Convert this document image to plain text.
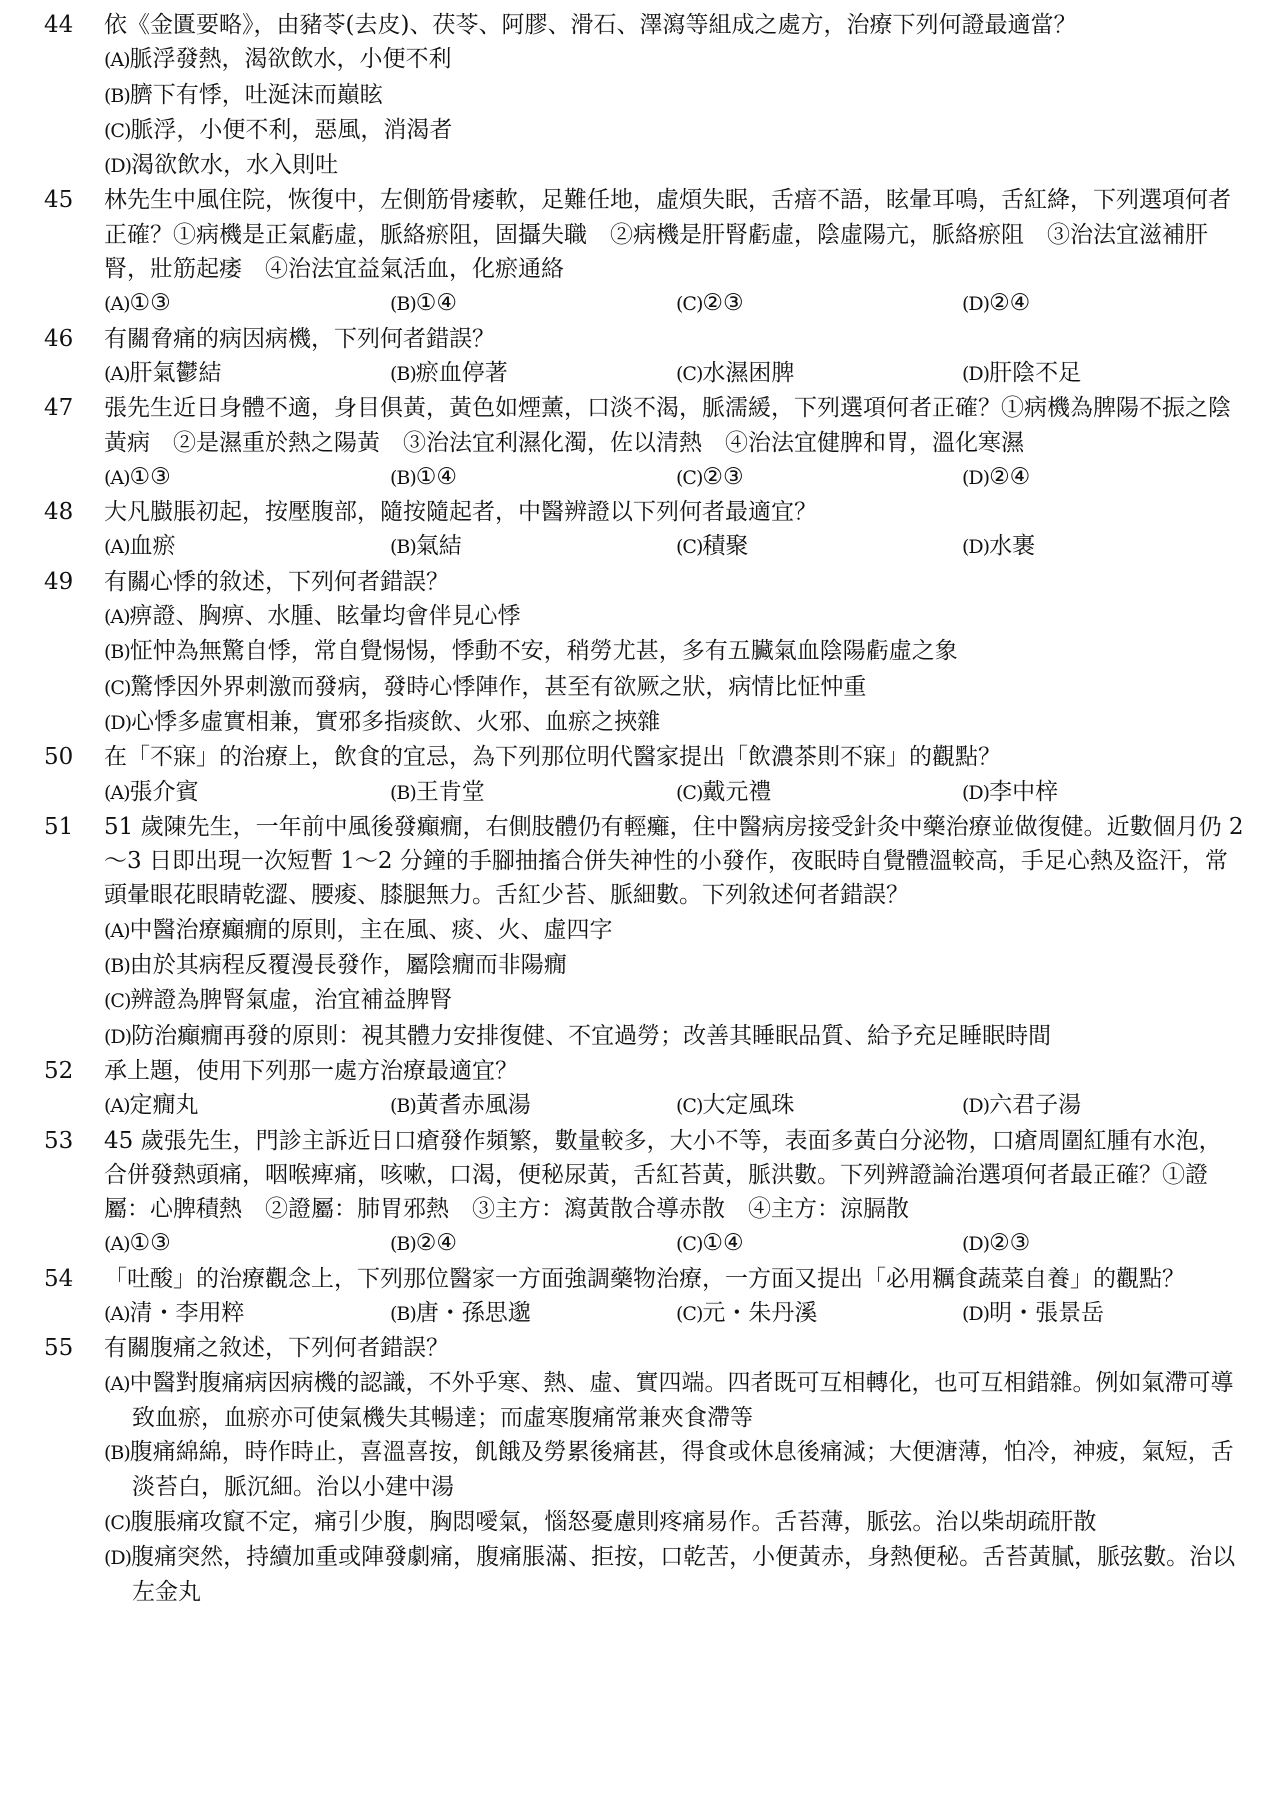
44	依《金匱要略》，由豬苓(去皮)、茯苓、阿膠、滑石、澤瀉等組成之處方，治療下列何證最適當？
(A)脈浮發熱，渴欲飲水，小便不利
(B)臍下有悸，吐涎沫而巔眩
(C)脈浮，小便不利，惡風，消渴者
(D)渴欲飲水，水入則吐
45	林先生中風住院，恢復中，左側筋骨痿軟，足難任地，虛煩失眠，舌瘖不語，眩暈耳鳴，舌紅絳，下列選項何者正確？①病機是正氣虧虛，脈絡瘀阻，固攝失職　②病機是肝腎虧虛，陰虛陽亢，脈絡瘀阻　③治法宜滋補肝腎，壯筋起痿　④治法宜益氣活血，化瘀通絡
(A)①③	(B)①④	(C)②③	(D)②④
46	有關脅痛的病因病機，下列何者錯誤？
(A)肝氣鬱結	(B)瘀血停著	(C)水濕困脾	(D)肝陰不足
47	張先生近日身體不適，身目俱黃，黃色如煙薰，口淡不渴，脈濡緩，下列選項何者正確？①病機為脾陽不振之陰黃病　②是濕重於熱之陽黃　③治法宜利濕化濁，佐以清熱　④治法宜健脾和胃，溫化寒濕
(A)①③	(B)①④	(C)②③	(D)②④
48	大凡臌脹初起，按壓腹部，隨按隨起者，中醫辨證以下列何者最適宜？
(A)血瘀	(B)氣結	(C)積聚	(D)水裹
49	有關心悸的敘述，下列何者錯誤？
(A)痹證、胸痹、水腫、眩暈均會伴見心悸
(B)怔忡為無驚自悸，常自覺惕惕，悸動不安，稍勞尤甚，多有五臟氣血陰陽虧虛之象
(C)驚悸因外界刺激而發病，發時心悸陣作，甚至有欲厥之狀，病情比怔忡重
(D)心悸多虛實相兼，實邪多指痰飲、火邪、血瘀之挾雜
50	在「不寐」的治療上，飲食的宜忌，為下列那位明代醫家提出「飲濃茶則不寐」的觀點？
(A)張介賓	(B)王肯堂	(C)戴元禮	(D)李中梓
51	51 歲陳先生，一年前中風後發癲癇，右側肢體仍有輕癱，住中醫病房接受針灸中藥治療並做復健。近數個月仍 2～3 日即出現一次短暫 1～2 分鐘的手腳抽搐合併失神性的小發作，夜眠時自覺體溫較高，手足心熱及盜汗，常頭暈眼花眼睛乾澀、腰痠、膝腿無力。舌紅少苔、脈細數。下列敘述何者錯誤？
(A)中醫治療癲癇的原則，主在風、痰、火、虛四字
(B)由於其病程反覆漫長發作，屬陰癇而非陽癇
(C)辨證為脾腎氣虛，治宜補益脾腎
(D)防治癲癇再發的原則：視其體力安排復健、不宜過勞；改善其睡眠品質、給予充足睡眠時間
52	承上題，使用下列那一處方治療最適宜？
(A)定癇丸	(B)黃耆赤風湯	(C)大定風珠	(D)六君子湯
53	45 歲張先生，門診主訴近日口瘡發作頻繁，數量較多，大小不等，表面多黃白分泌物，口瘡周圍紅腫有水泡，合併發熱頭痛，咽喉痺痛，咳嗽，口渴，便秘尿黃，舌紅苔黃，脈洪數。下列辨證論治選項何者最正確？①證屬：心脾積熱　②證屬：肺胃邪熱　③主方：瀉黃散合導赤散　④主方：涼膈散
(A)①③	(B)②④	(C)①④	(D)②③
54	「吐酸」的治療觀念上，下列那位醫家一方面強調藥物治療，一方面又提出「必用糲食蔬菜自養」的觀點？
(A)清・李用粹	(B)唐・孫思邈	(C)元・朱丹溪	(D)明・張景岳
55	有關腹痛之敘述，下列何者錯誤？
(A)中醫對腹痛病因病機的認識，不外乎寒、熱、虛、實四端。四者既可互相轉化，也可互相錯雜。例如氣滯可導致血瘀，血瘀亦可使氣機失其暢達；而虛寒腹痛常兼夾食滯等
(B)腹痛綿綿，時作時止，喜溫喜按，飢餓及勞累後痛甚，得食或休息後痛減；大便溏薄，怕冷，神疲，氣短，舌淡苔白，脈沉細。治以小建中湯
(C)腹脹痛攻竄不定，痛引少腹，胸悶噯氣，惱怒憂慮則疼痛易作。舌苔薄，脈弦。治以柴胡疏肝散
(D)腹痛突然，持續加重或陣發劇痛，腹痛脹滿、拒按，口乾苦，小便黃赤，身熱便秘。舌苔黃膩，脈弦數。治以左金丸
